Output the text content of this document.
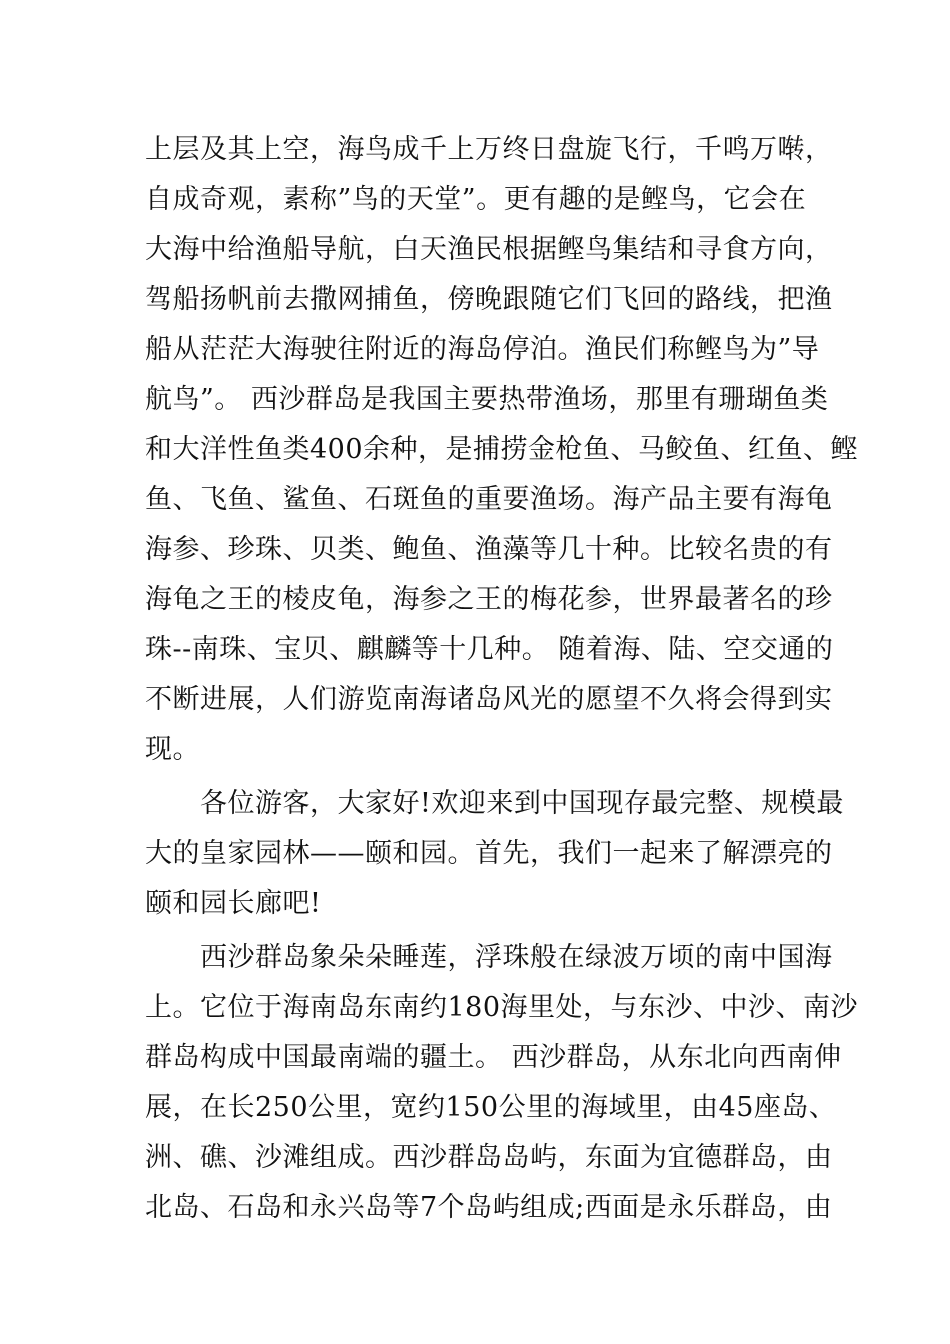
上层及其上空，海鸟成千上万终日盘旋飞行，千鸣万啭，
自成奇观，素称”鸟的天堂”。更有趣的是鲣鸟，它会在
大海中给渔船导航，白天渔民根据鲣鸟集结和寻食方向，
驾船扬帆前去撒网捕鱼，傍晚跟随它们飞回的路线，把渔
船从茫茫大海驶往附近的海岛停泊。渔民们称鲣鸟为”导
航鸟”。 西沙群岛是我国主要热带渔场，那里有珊瑚鱼类
和大洋性鱼类400余种，是捕捞金枪鱼、马鲛鱼、红鱼、鲣
鱼、飞鱼、鲨鱼、石斑鱼的重要渔场。海产品主要有海龟
海参、珍珠、贝类、鲍鱼、渔藻等几十种。比较名贵的有
海龟之王的棱皮龟，海参之王的梅花参，世界最著名的珍
珠--南珠、宝贝、麒麟等十几种。 随着海、陆、空交通的
不断进展，人们游览南海诸岛风光的愿望不久将会得到实
现。
各位游客，大家好!欢迎来到中国现存最完整、规模最
大的皇家园林——颐和园。首先，我们一起来了解漂亮的
颐和园长廊吧!
西沙群岛象朵朵睡莲，浮珠般在绿波万顷的南中国海
上。它位于海南岛东南约180海里处，与东沙、中沙、南沙
群岛构成中国最南端的疆土。 西沙群岛，从东北向西南伸
展，在长250公里，宽约150公里的海域里，由45座岛、
洲、礁、沙滩组成。西沙群岛岛屿，东面为宜德群岛，由
北岛、石岛和永兴岛等7个岛屿组成;西面是永乐群岛，由
